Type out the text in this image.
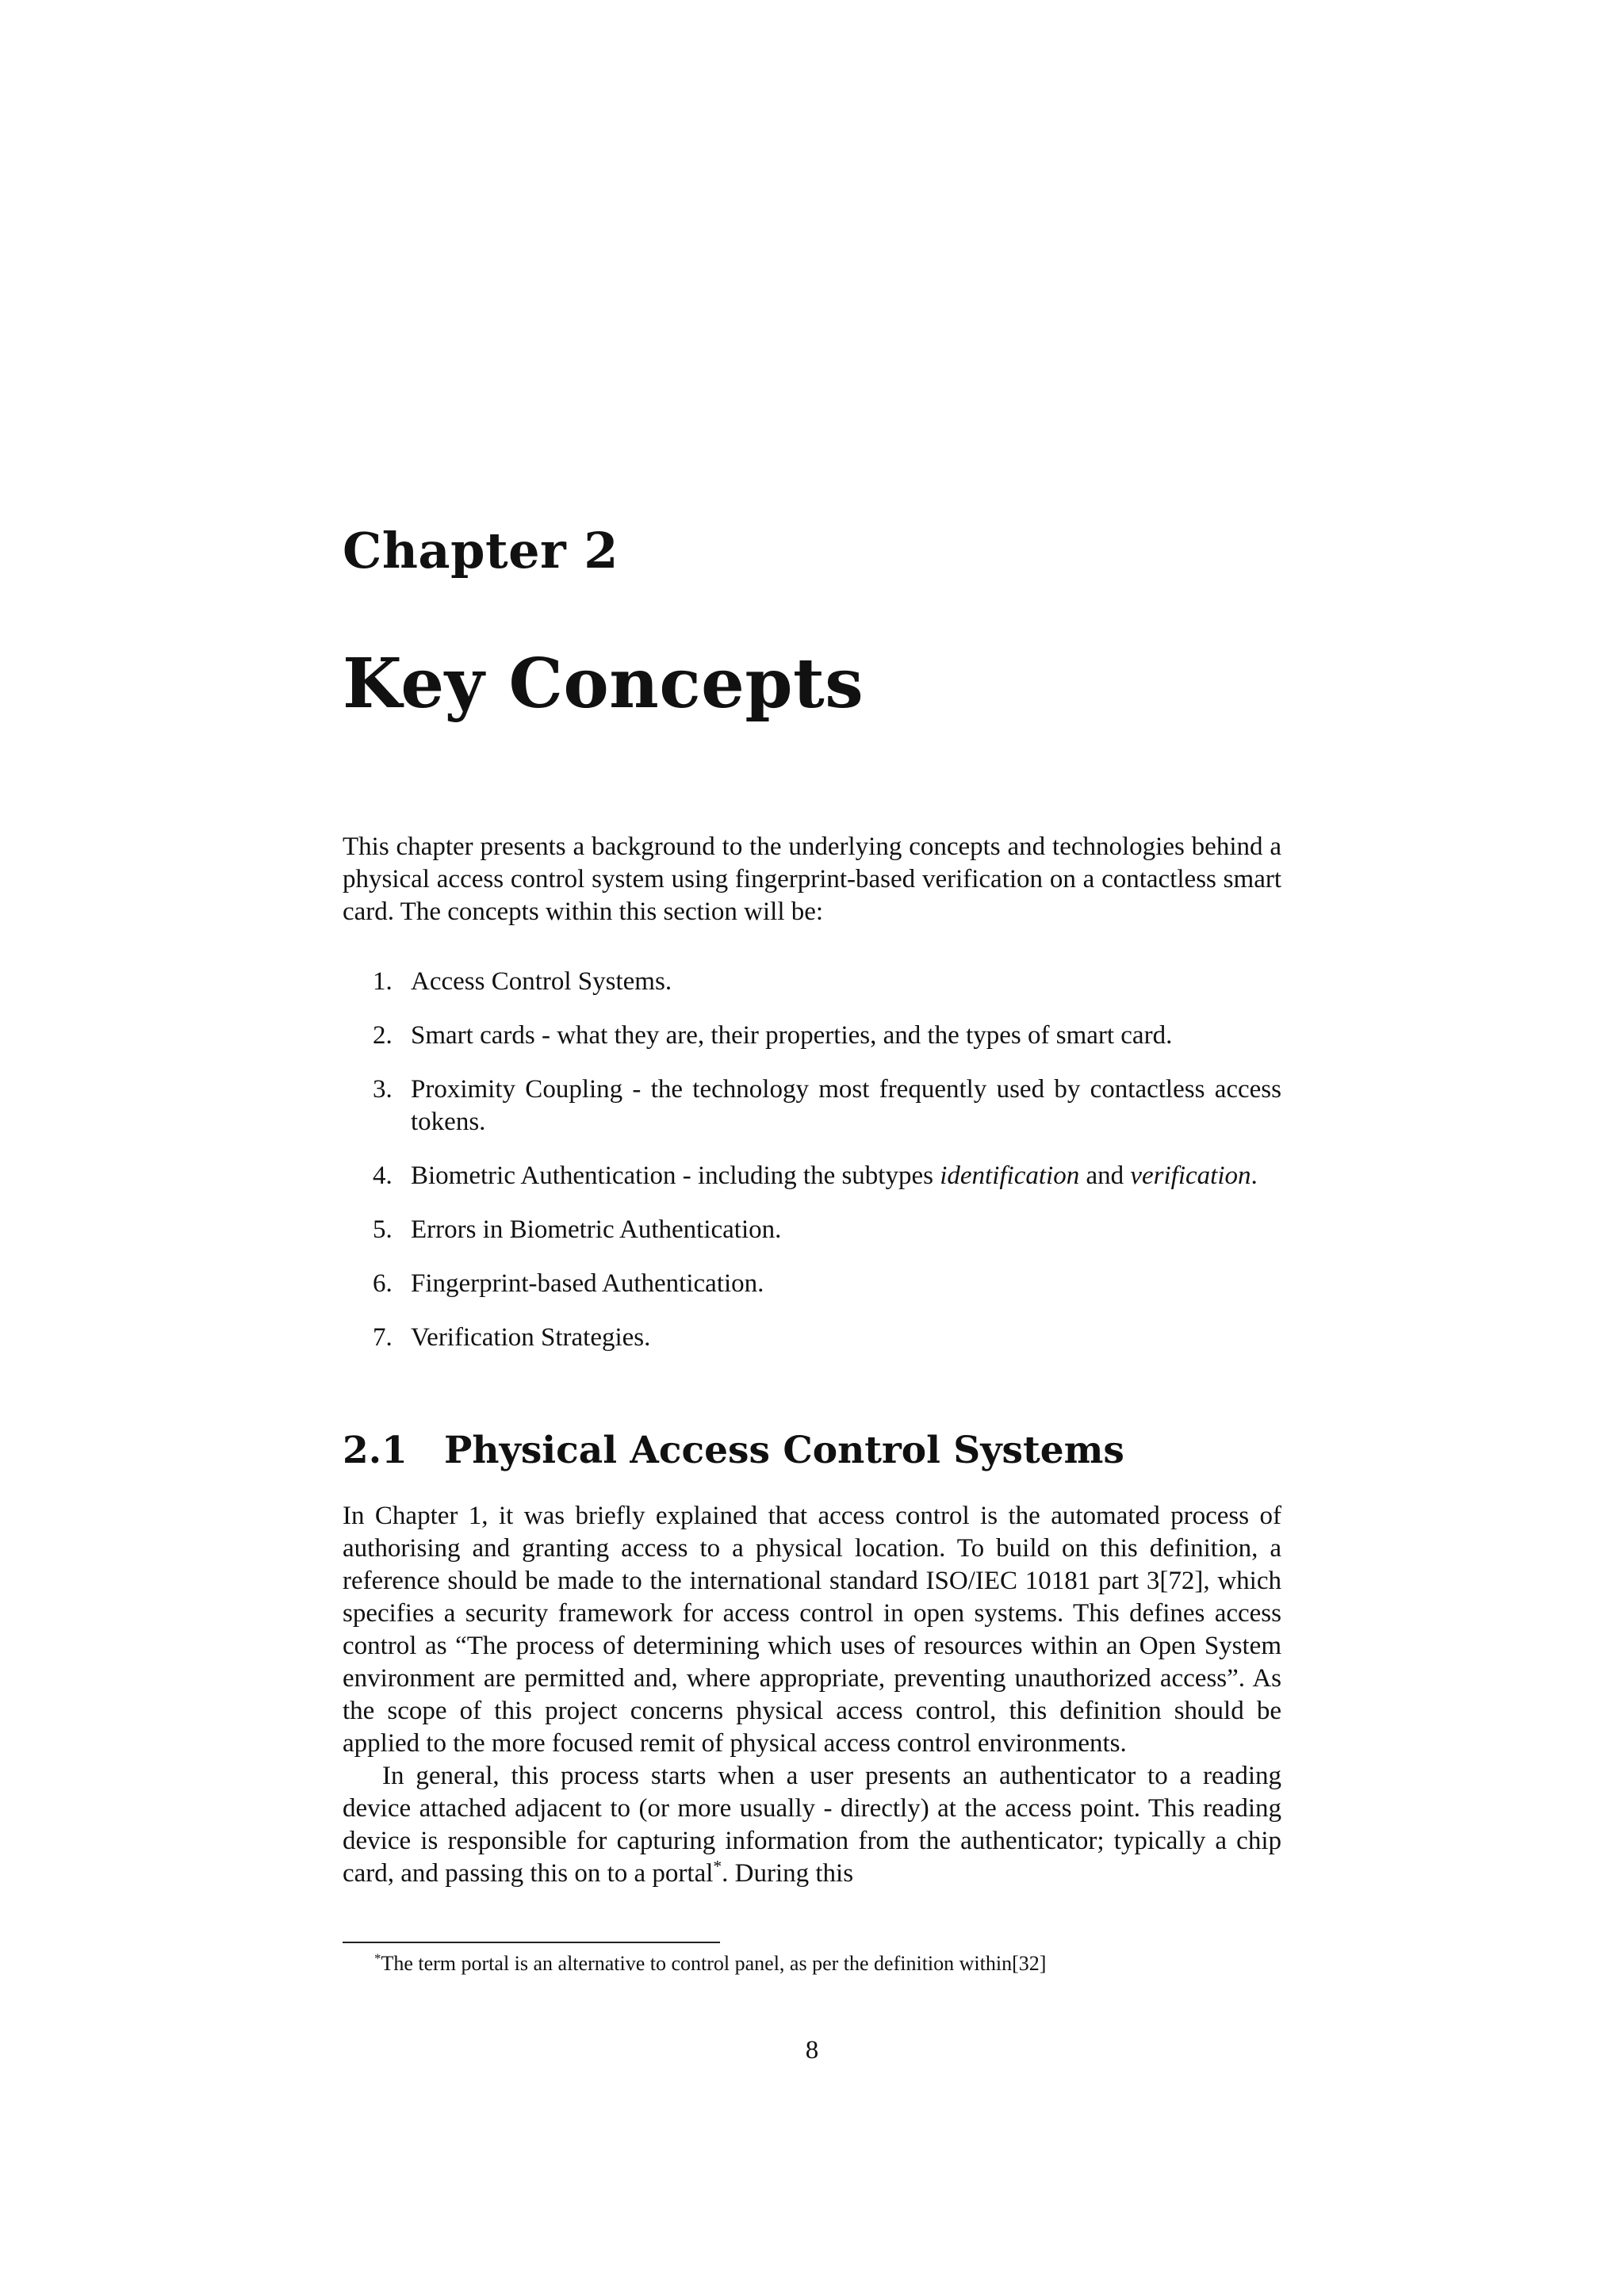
Chapter 2
Key Concepts

This chapter presents a background to the underlying concepts and technologies behind a physical access control system using fingerprint-based verification on a contactless smart card. The concepts within this section will be:

1. Access Control Systems.
2. Smart cards - what they are, their properties, and the types of smart card.
3. Proximity Coupling - the technology most frequently used by contactless access tokens.
4. Biometric Authentication - including the subtypes identification and verification.
5. Errors in Biometric Authentication.
6. Fingerprint-based Authentication.
7. Verification Strategies.
2.1 Physical Access Control Systems

In Chapter 1, it was briefly explained that access control is the automated process of authorising and granting access to a physical location. To build on this definition, a reference should be made to the international standard ISO/IEC 10181 part 3[72], which specifies a security framework for access control in open systems. This defines access control as “The process of determining which uses of resources within an Open System environment are permitted and, where appropriate, preventing unauthorized access”. As the scope of this project concerns physical access control, this definition should be applied to the more focused remit of physical access control environments.

In general, this process starts when a user presents an authenticator to a reading device attached adjacent to (or more usually - directly) at the access point. This reading device is responsible for capturing information from the authenticator; typically a chip card, and passing this on to a portal*. During this

*The term portal is an alternative to control panel, as per the definition within[32]
8
